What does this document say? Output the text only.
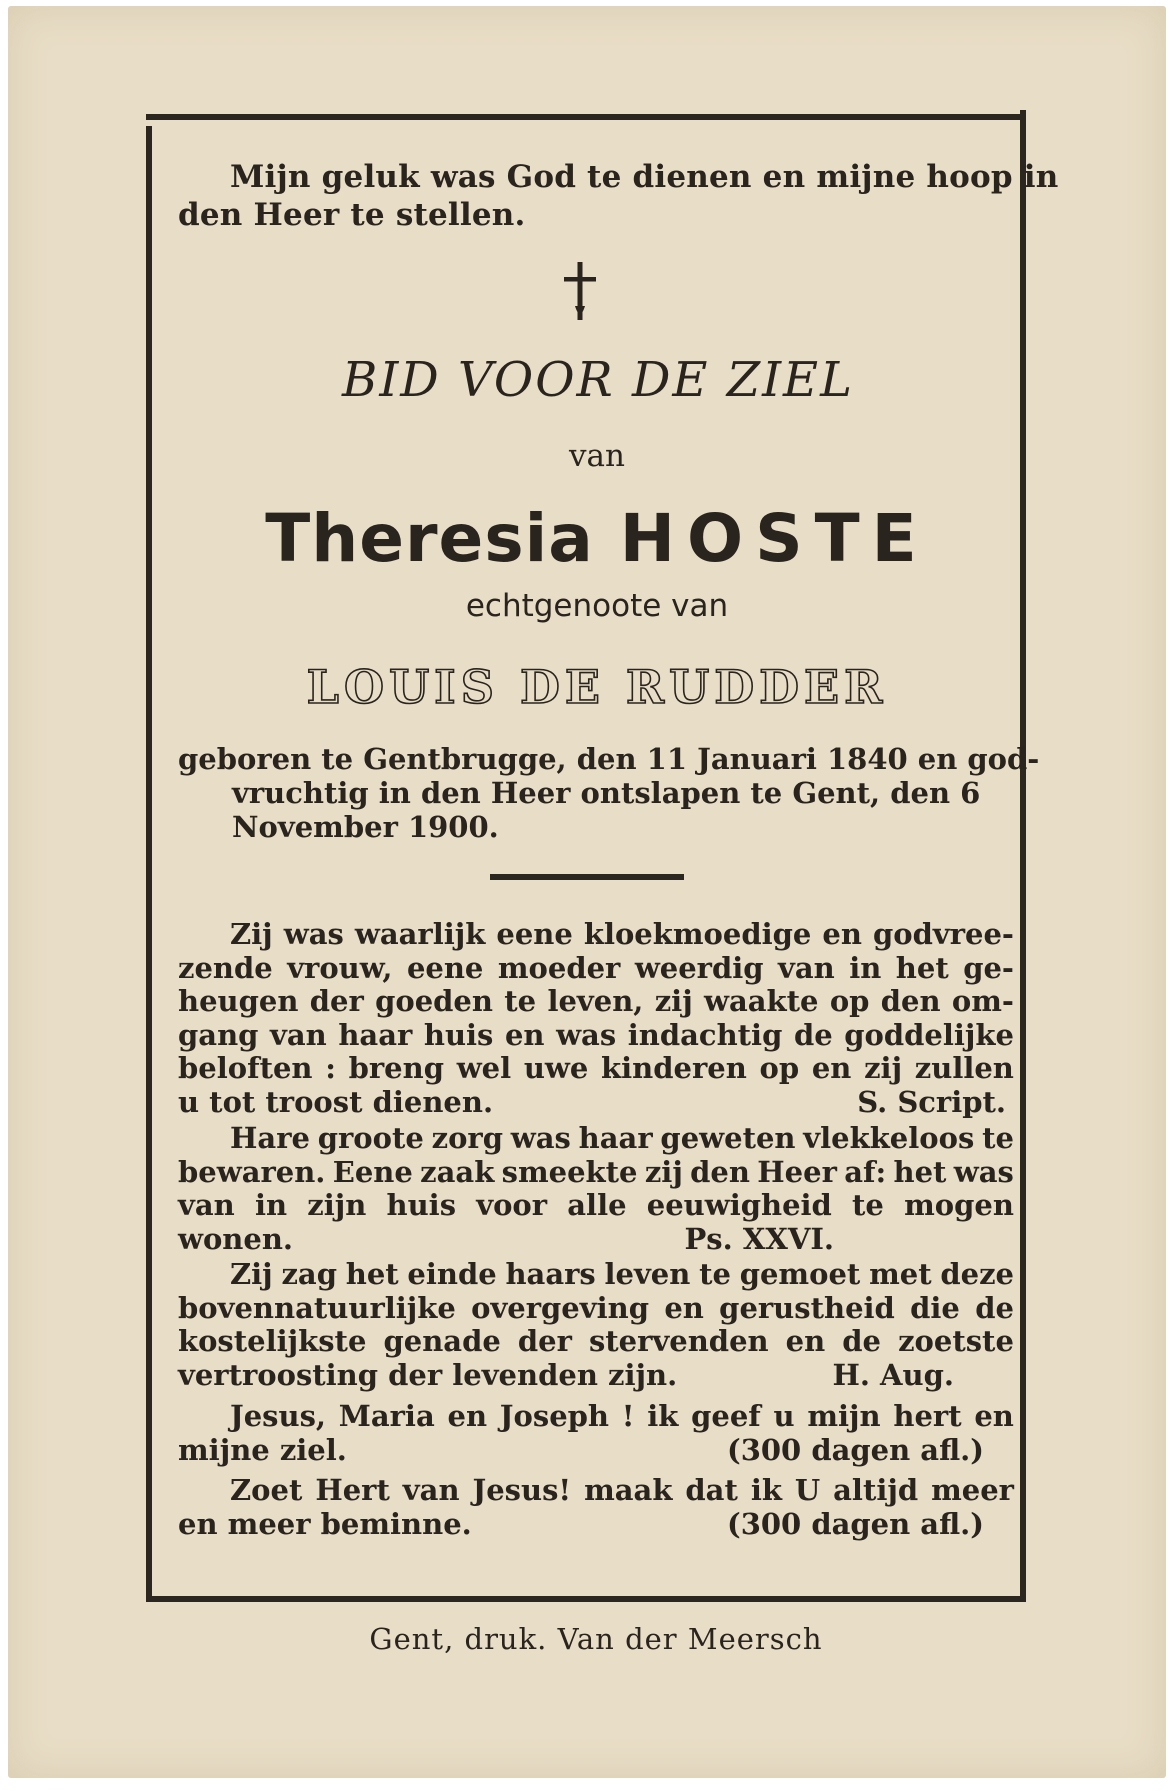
Mijn geluk was God te dienen en mijne hoop in
den Heer te stellen.
BID VOOR DE ZIEL
van
Theresia HOSTE
echtgenoote van
LOUIS DE RUDDER
geboren te Gentbrugge, den 11 Januari 1840 en god-
vruchtig in den Heer ontslapen te Gent, den 6
November 1900.
Zij was waarlijk eene kloekmoedige en godvree-
zende vrouw, eene moeder weerdig van in het ge-
heugen der goeden te leven, zij waakte op den om-
gang van haar huis en was indachtig de goddelijke
beloften : breng wel uwe kinderen op en zij zullen
u tot troost dienen.	S. Script.
Hare groote zorg was haar geweten vlekkeloos te
bewaren. Eene zaak smeekte zij den Heer af: het was
van in zijn huis voor alle eeuwigheid te mogen
wonen.	Ps. XXVI.
Zij zag het einde haars leven te gemoet met deze
bovennatuurlijke overgeving en gerustheid die de
kostelijkste genade der stervenden en de zoetste
vertroosting der levenden zijn.	H. Aug.
Jesus, Maria en Joseph ! ik geef u mijn hert en
mijne ziel.	(300 dagen afl.)
Zoet Hert van Jesus! maak dat ik U altijd meer
en meer beminne.	(300 dagen afl.)
Gent, druk. Van der Meersch
